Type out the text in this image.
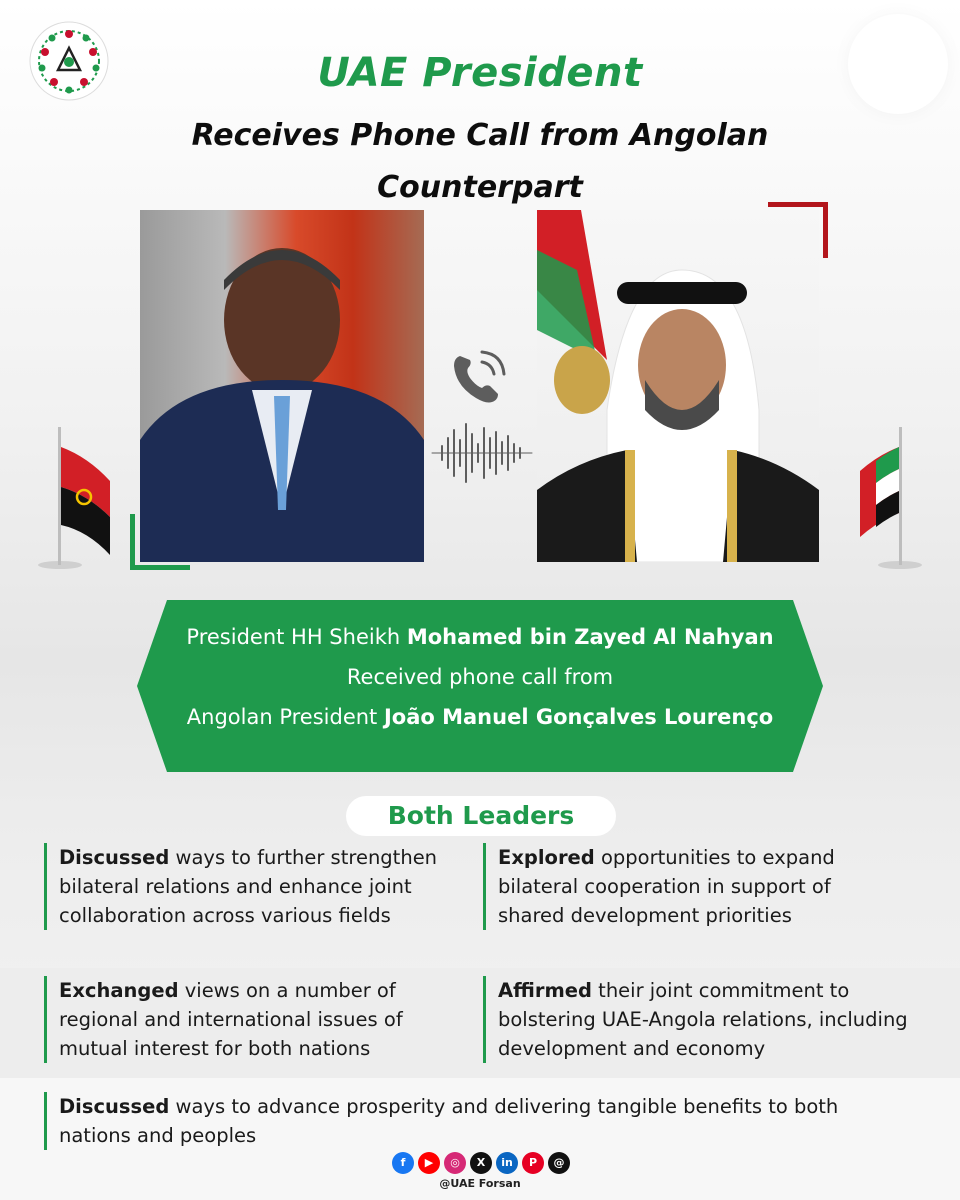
UAE President
Receives Phone Call from Angolan Counterpart
President HH Sheikh Mohamed bin Zayed Al Nahyan
Received phone call from
Angolan President João Manuel Gonçalves Lourenço
Both Leaders
Discussed ways to further strengthen bilateral relations and enhance joint collaboration across various fields
Explored opportunities to expand bilateral cooperation in support of shared development priorities
Exchanged views on a number of regional and international issues of mutual interest for both nations
Affirmed their joint commitment to bolstering UAE-Angola relations, including development and economy
Discussed ways to advance prosperity and delivering tangible benefits to both nations and peoples
f	▶	◎	X	in	P	@
@UAE Forsan
